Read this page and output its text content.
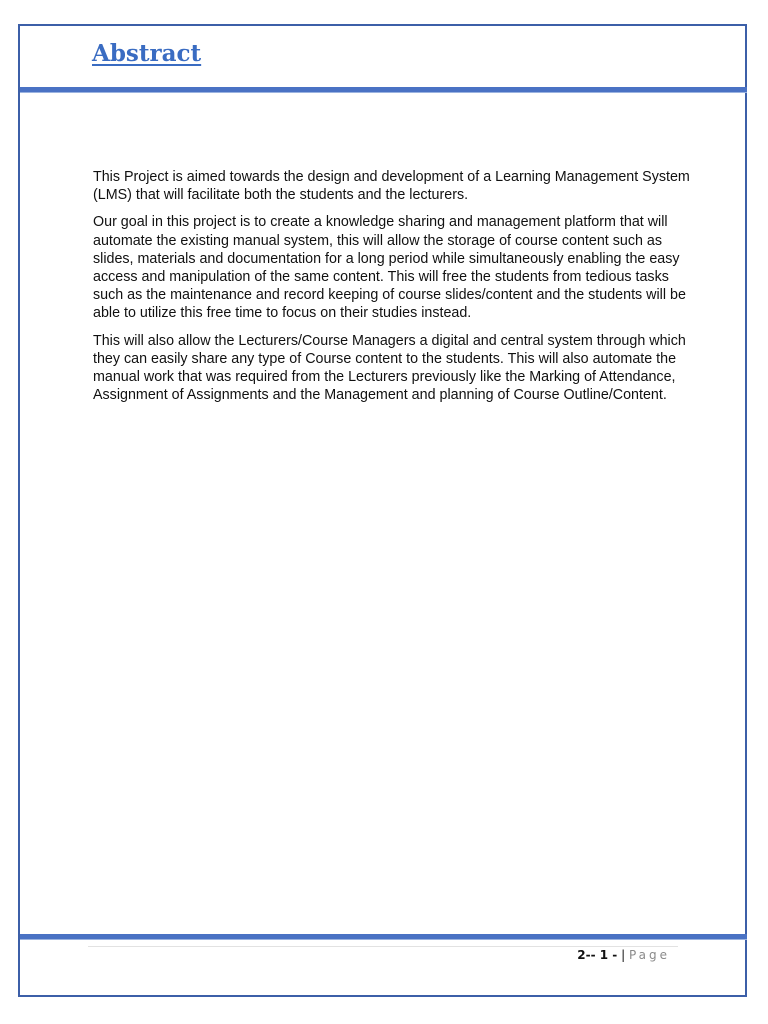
Abstract

This Project is aimed towards the design and development of a Learning Management System (LMS) that will facilitate both the students and the lecturers.

Our goal in this project is to create a knowledge sharing and management platform that will automate the existing manual system, this will allow the storage of course content such as slides, materials and documentation for a long period while simultaneously enabling the easy access and manipulation of the same content. This will free the students from tedious tasks such as the maintenance and record keeping of course slides/content and the students will be able to utilize this free time to focus on their studies instead.

This will also allow the Lecturers/Course Managers a digital and central system through which they can easily share any type of Course content to the students. This will also automate the manual work that was required from the Lecturers previously like the Marking of Attendance, Assignment of Assignments and the Management and planning of Course Outline/Content.

2-- 1 - | Page
